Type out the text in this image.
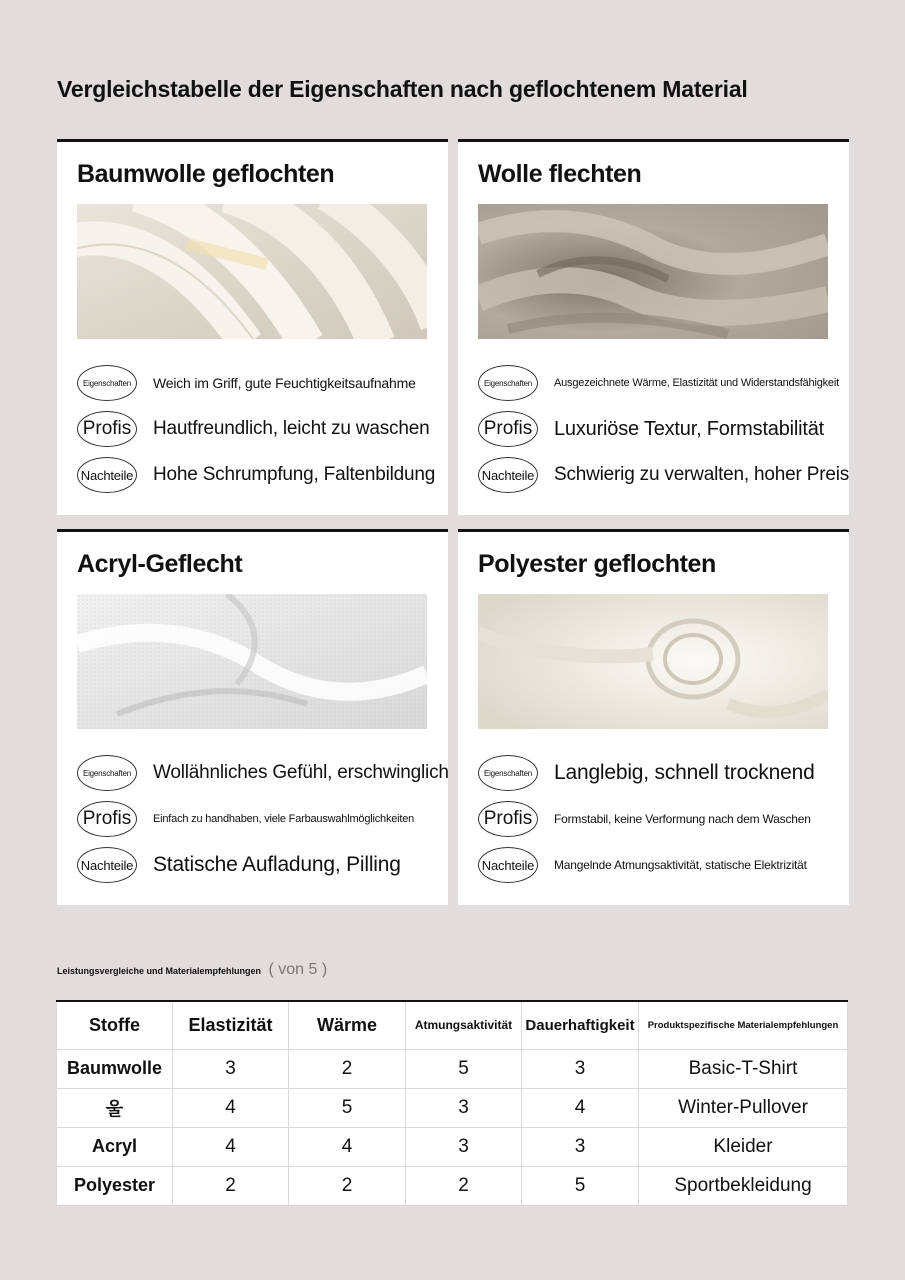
Vergleichstabelle der Eigenschaften nach geflochtenem Material
Baumwolle geflochten
Eigenschaften	Weich im Griff, gute Feuchtigkeitsaufnahme
Profis	Hautfreundlich, leicht zu waschen
Nachteile Hohe Schrumpfung, Faltenbildung
Wolle flechten
Eigenschaften	Ausgezeichnete Wärme, Elastizität und Widerstandsfähigkeit
Profis Luxuriöse Textur, Formstabilität
Nachteile Schwierig zu verwalten, hoher Preis
Acryl-Geflecht
Eigenschaften	Wollähnliches Gefühl, erschwinglich
Profis	Einfach zu handhaben, viele Farbauswahlmöglichkeiten
Nachteile Statische Aufladung, Pilling
Polyester geflochten
Eigenschaften Langlebig, schnell trocknend
Profis	Formstabil, keine Verformung nach dem Waschen
Nachteile	Mangelnde Atmungsaktivität, statische Elektrizität
Leistungsvergleiche und Materialempfehlungen ( von 5 )
Stoffe	Elastizität	Wärme	Atmungsaktivität	Dauerhaftigkeit	Produktspezifische Materialempfehlungen
Baumwolle	3	2	5	3	Basic-T-Shirt
울	4	5	3	4	Winter-Pullover
Acryl	4	4	3	3	Kleider
Polyester	2	2	2	5	Sportbekleidung
